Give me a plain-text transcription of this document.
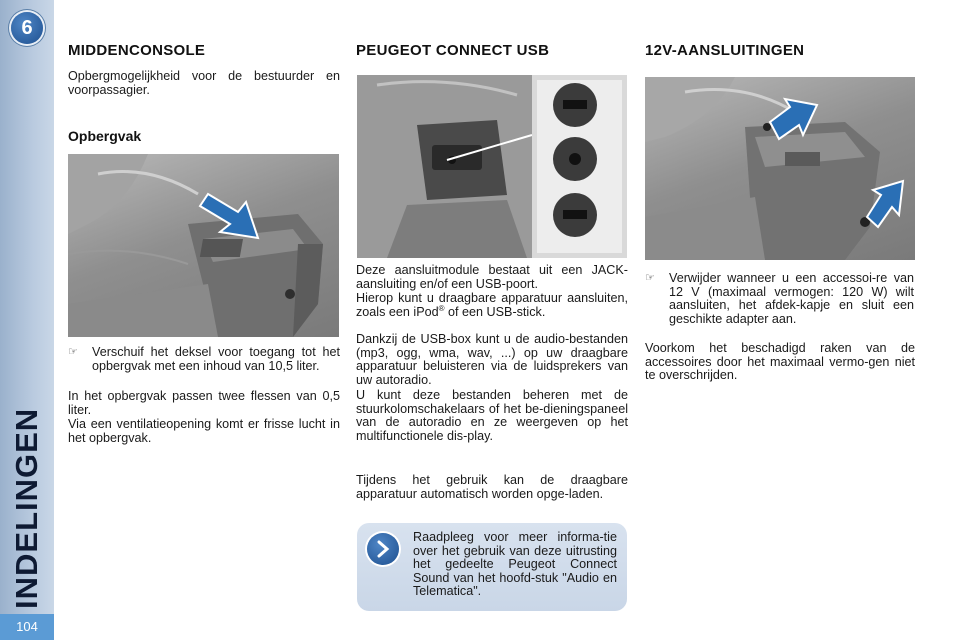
6
INDELINGEN
104
MIDDENCONSOLE
Opbergmogelijkheid voor de bestuurder en voorpassagier.
Opbergvak
☞ Verschuif het deksel voor toegang tot het opbergvak met een inhoud van 10,5 liter.
In het opbergvak passen twee flessen van 0,5 liter.
Via een ventilatieopening komt er frisse lucht in het opbergvak.
PEUGEOT CONNECT USB
Deze aansluitmodule bestaat uit een JACK-aansluiting en/of een USB-poort.
Hierop kunt u draagbare apparatuur aansluiten, zoals een iPod® of een USB-stick.
Dankzij de USB-box kunt u de audio-bestanden (mp3, ogg, wma, wav, ...) op uw draagbare apparatuur beluisteren via de luidsprekers van uw autoradio.
U kunt deze bestanden beheren met de stuurkolomschakelaars of het be-dieningspaneel van de autoradio en ze weergeven op het multifunctionele dis-play.
Tijdens het gebruik kan de draagbare apparatuur automatisch worden opge-laden.
Raadpleeg voor meer informa-tie over het gebruik van deze uitrusting het gedeelte Peugeot Connect Sound van het hoofd-stuk "Audio en Telematica".
12V-AANSLUITINGEN
☞ Verwijder wanneer u een accessoi-re van 12 V (maximaal vermogen: 120 W) wilt aansluiten, het afdek-kapje en sluit een geschikte adapter aan.
Voorkom het beschadigd raken van de accessoires door het maximaal vermo-gen niet te overschrijden.
